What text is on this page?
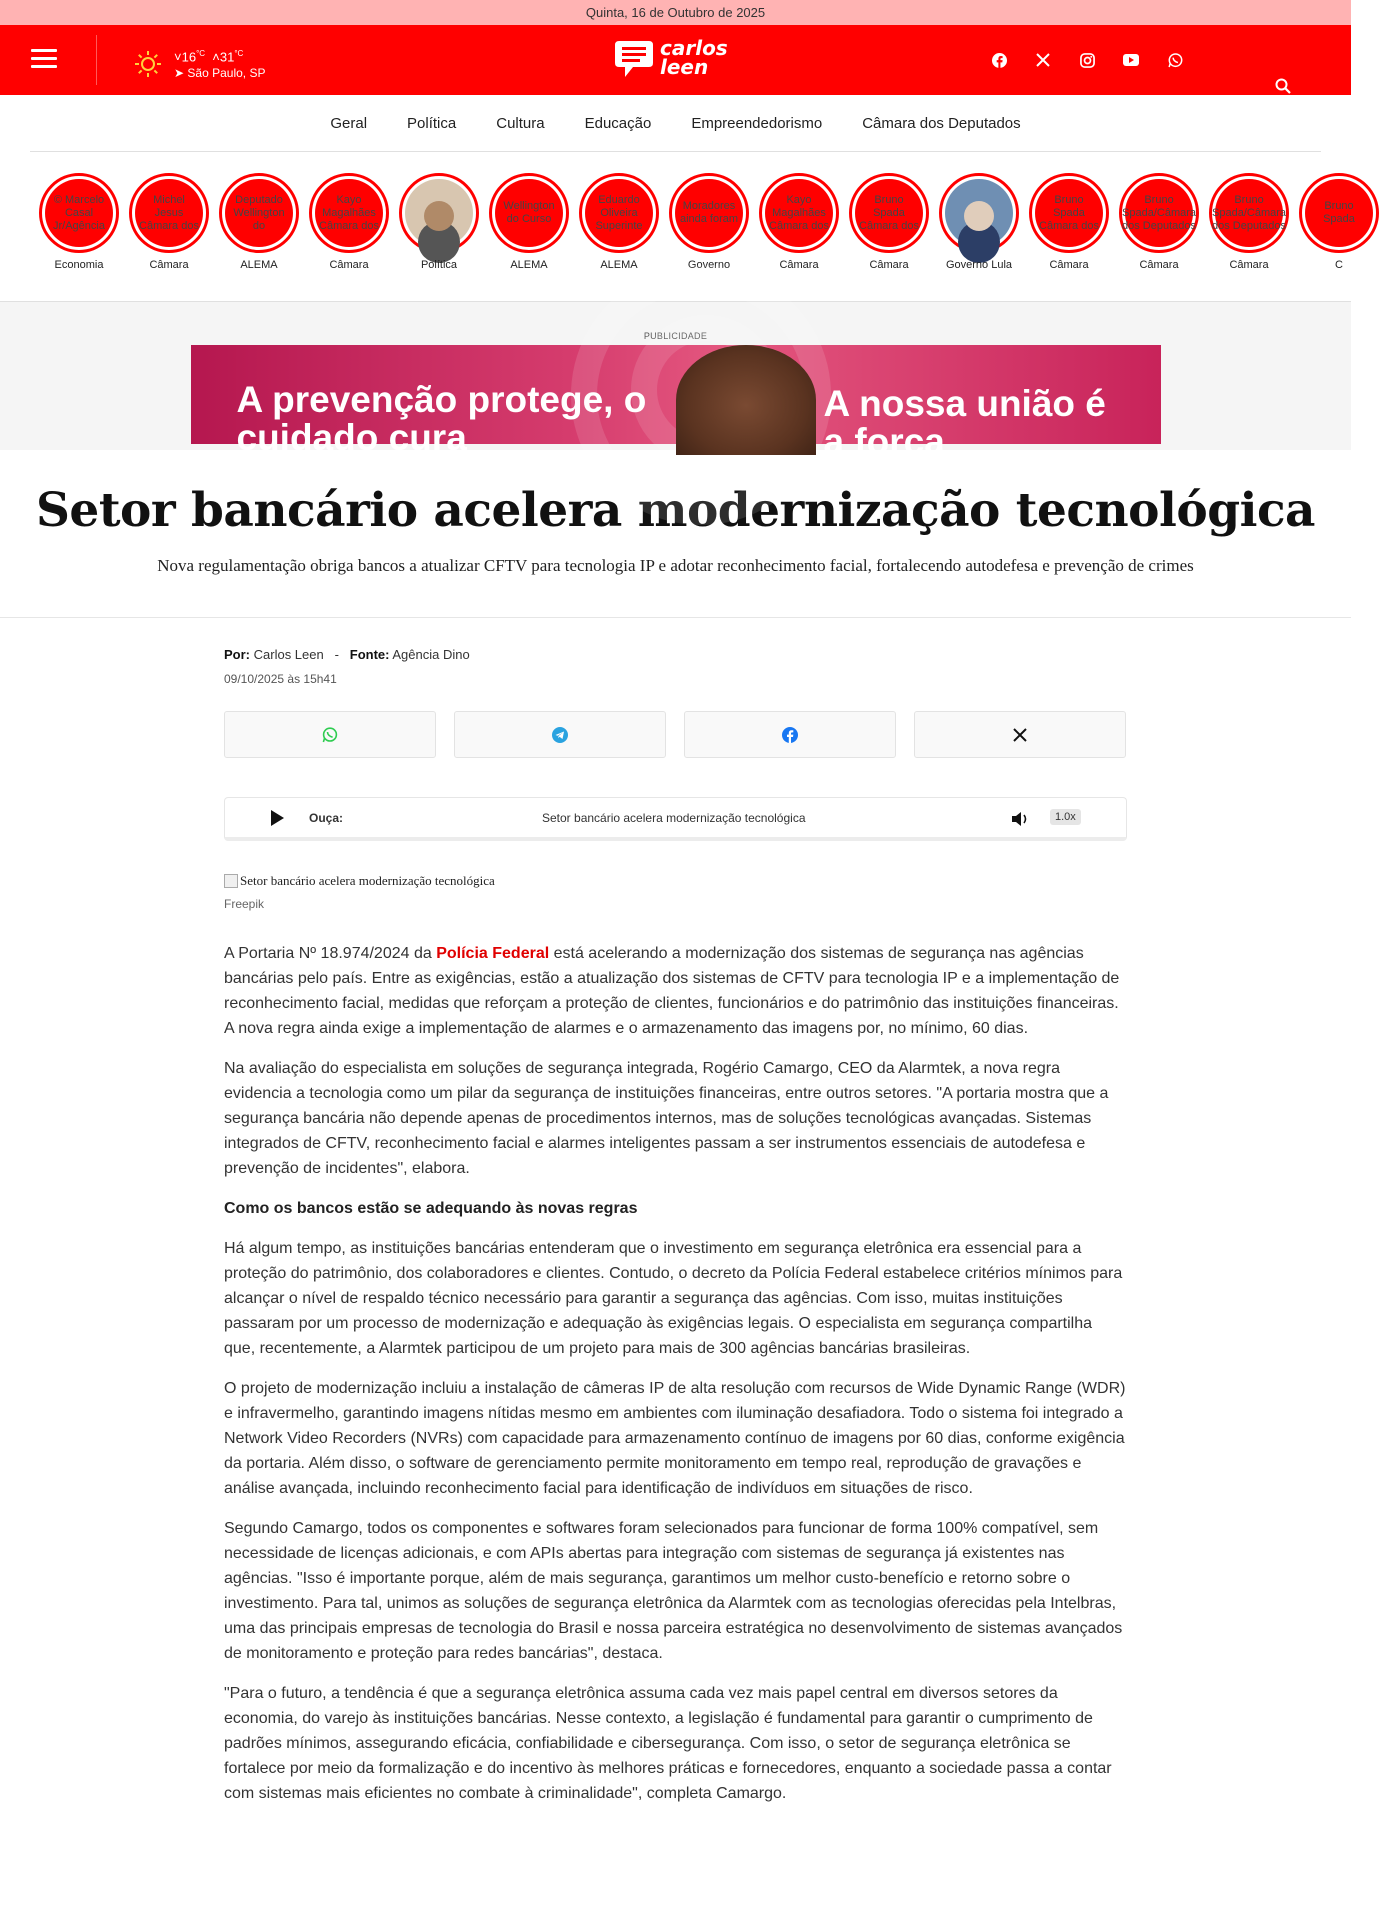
Quinta, 16 de Outubro de 2025
$˅16^{^\circ C}$ $˄31^{^\circ C}$
➤ São Paulo, SP
carlos
leen
Geral	Política	Cultura	Educação	Empreendedorismo	Câmara dos Deputados
© Marcelo Casal Jr/Agência
Economia
Michel Jesus Câmara dos
Câmara
Deputado Wellington do
ALEMA
Kayo Magalhães Câmara dos
Câmara	Política
Wellington do Curso
ALEMA
Eduardo Oliveira Superinte
ALEMA
Moradores ainda foram
Governo
Kayo Magalhães Câmara dos
Câmara
Bruno Spada Câmara dos
Câmara	Governo Lula
Bruno Spada Câmara dos
Câmara
Bruno Spada/Câmara dos Deputados
Câmara
Bruno Spada/Câmara dos Deputados
Câmara
Bruno Spada
C
PUBLICIDADE
A prevenção protege, o cuidado cura
A nossa união é a força
Setor bancário acelera modernização tecnológica
Nova regulamentação obriga bancos a atualizar CFTV para tecnologia IP e adotar reconhecimento facial, fortalecendo autodefesa e prevenção de crimes
Por: Carlos Leen - Fonte: Agência Dino
09/10/2025 às 15h41
Ouça:	Setor bancário acelera modernização tecnológica	1.0x
Setor bancário acelera modernização tecnológica
Freepik

A Portaria Nº 18.974/2024 da Polícia Federal está acelerando a modernização dos sistemas de segurança nas agências bancárias pelo país. Entre as exigências, estão a atualização dos sistemas de CFTV para tecnologia IP e a implementação de reconhecimento facial, medidas que reforçam a proteção de clientes, funcionários e do patrimônio das instituições financeiras. A nova regra ainda exige a implementação de alarmes e o armazenamento das imagens por, no mínimo, 60 dias.

Na avaliação do especialista em soluções de segurança integrada, Rogério Camargo, CEO da Alarmtek, a nova regra evidencia a tecnologia como um pilar da segurança de instituições financeiras, entre outros setores. "A portaria mostra que a segurança bancária não depende apenas de procedimentos internos, mas de soluções tecnológicas avançadas. Sistemas integrados de CFTV, reconhecimento facial e alarmes inteligentes passam a ser instrumentos essenciais de autodefesa e prevenção de incidentes", elabora.

Como os bancos estão se adequando às novas regras

Há algum tempo, as instituições bancárias entenderam que o investimento em segurança eletrônica era essencial para a proteção do patrimônio, dos colaboradores e clientes. Contudo, o decreto da Polícia Federal estabelece critérios mínimos para alcançar o nível de respaldo técnico necessário para garantir a segurança das agências. Com isso, muitas instituições passaram por um processo de modernização e adequação às exigências legais. O especialista em segurança compartilha que, recentemente, a Alarmtek participou de um projeto para mais de 300 agências bancárias brasileiras.

O projeto de modernização incluiu a instalação de câmeras IP de alta resolução com recursos de Wide Dynamic Range (WDR) e infravermelho, garantindo imagens nítidas mesmo em ambientes com iluminação desafiadora. Todo o sistema foi integrado a Network Video Recorders (NVRs) com capacidade para armazenamento contínuo de imagens por 60 dias, conforme exigência da portaria. Além disso, o software de gerenciamento permite monitoramento em tempo real, reprodução de gravações e análise avançada, incluindo reconhecimento facial para identificação de indivíduos em situações de risco.

Segundo Camargo, todos os componentes e softwares foram selecionados para funcionar de forma 100% compatível, sem necessidade de licenças adicionais, e com APIs abertas para integração com sistemas de segurança já existentes nas agências. "Isso é importante porque, além de mais segurança, garantimos um melhor custo-benefício e retorno sobre o investimento. Para tal, unimos as soluções de segurança eletrônica da Alarmtek com as tecnologias oferecidas pela Intelbras, uma das principais empresas de tecnologia do Brasil e nossa parceira estratégica no desenvolvimento de sistemas avançados de monitoramento e proteção para redes bancárias", destaca.

"Para o futuro, a tendência é que a segurança eletrônica assuma cada vez mais papel central em diversos setores da economia, do varejo às instituições bancárias. Nesse contexto, a legislação é fundamental para garantir o cumprimento de padrões mínimos, assegurando eficácia, confiabilidade e cibersegurança. Com isso, o setor de segurança eletrônica se fortalece por meio da formalização e do incentivo às melhores práticas e fornecedores, enquanto a sociedade passa a contar com sistemas mais eficientes no combate à criminalidade", completa Camargo.
